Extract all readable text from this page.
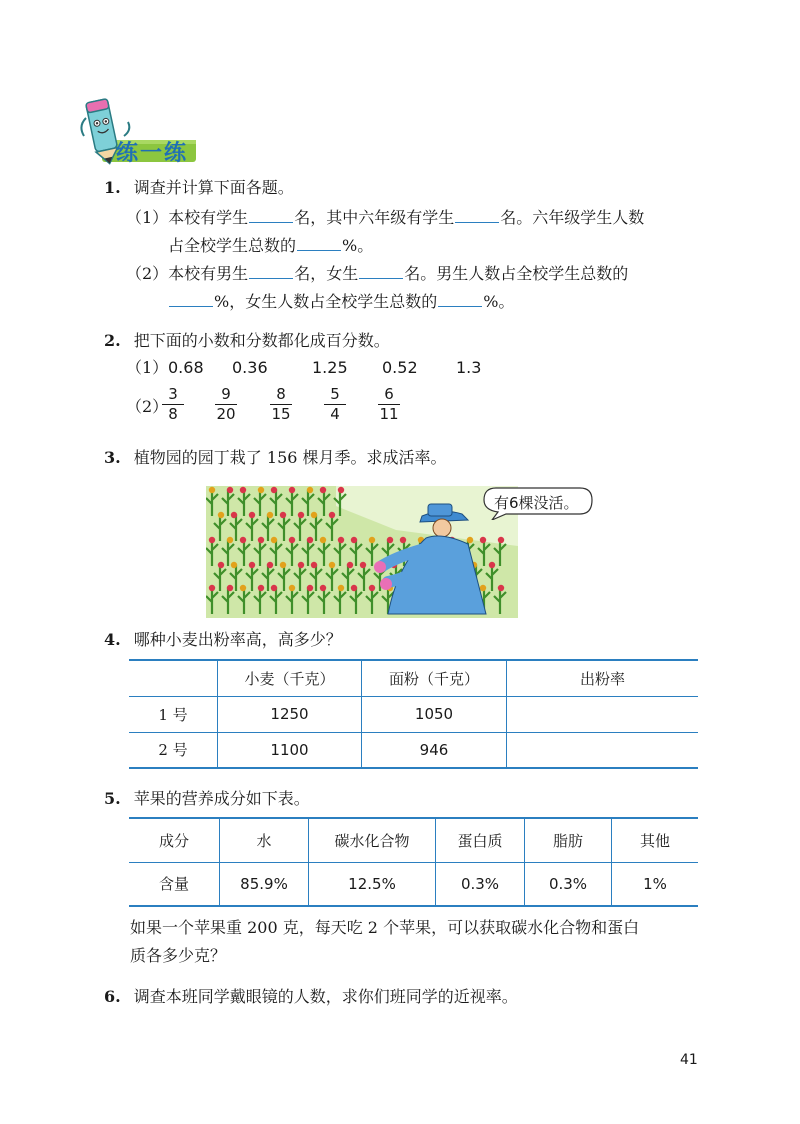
练一练
1. 调查并计算下面各题。
（1）本校有学生	名，其中六年级有学生	名。六年级学生人数
占全校学生总数的	%。
（2）本校有男生	名，女生	名。男生人数占全校学生总数的
%，女生人数占全校学生总数的	%。
2. 把下面的小数和分数都化成百分数。
（1） 0.68 0.36	1.25 0.52 1.3
（2）
3
8
9
20
8
15
5
4
6
11
3. 植物园的园丁栽了 156 棵月季。求成活率。
有6棵没活。
4. 哪种小麦出粉率高，高多少？
	小麦（千克）	面粉（千克）	出粉率
1 号	1250	1050	
2 号	1100	946	
5. 苹果的营养成分如下表。
成分	水	碳水化合物	蛋白质	脂肪	其他
含量	85.9%	12.5%	0.3%	0.3%	1%
如果一个苹果重 200 克，每天吃 2 个苹果，可以获取碳水化合物和蛋白
质各多少克？
6. 调查本班同学戴眼镜的人数，求你们班同学的近视率。
41
